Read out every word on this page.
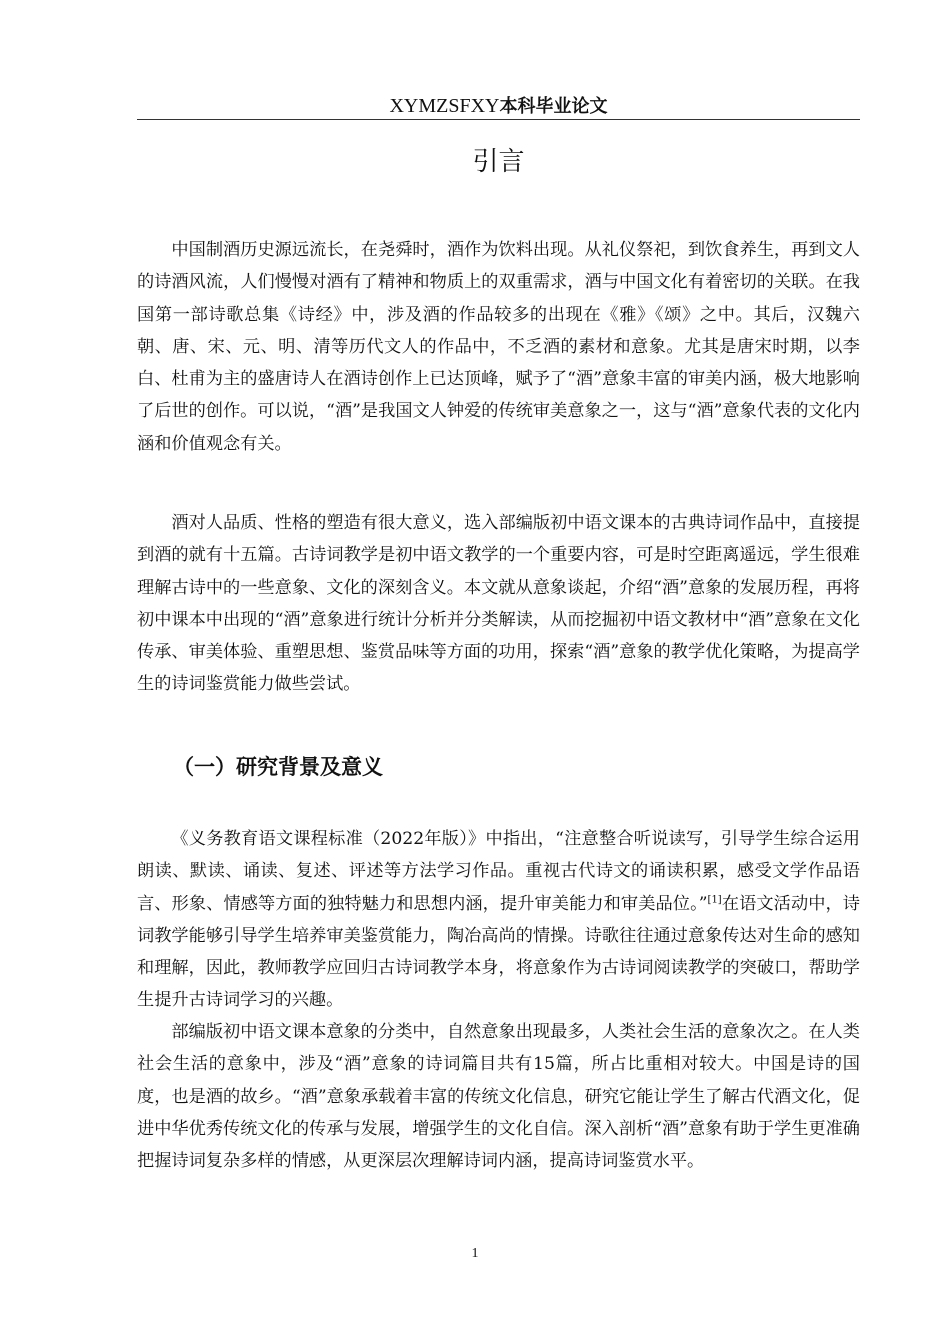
XYMZSFXY本科毕业论文
引言

中国制酒历史源远流长，在尧舜时，酒作为饮料出现。从礼仪祭祀，到饮食养生，再到文人的诗酒风流，人们慢慢对酒有了精神和物质上的双重需求，酒与中国文化有着密切的关联。在我国第一部诗歌总集《诗经》中，涉及酒的作品较多的出现在《雅》《颂》之中。其后，汉魏六朝、唐、宋、元、明、清等历代文人的作品中，不乏酒的素材和意象。尤其是唐宋时期，以李白、杜甫为主的盛唐诗人在酒诗创作上已达顶峰，赋予了“酒”意象丰富的审美内涵，极大地影响了后世的创作。可以说，“酒”是我国文人钟爱的传统审美意象之一，这与“酒”意象代表的文化内涵和价值观念有关。

酒对人品质、性格的塑造有很大意义，选入部编版初中语文课本的古典诗词作品中，直接提到酒的就有十五篇。古诗词教学是初中语文教学的一个重要内容，可是时空距离遥远，学生很难理解古诗中的一些意象、文化的深刻含义。本文就从意象谈起，介绍“酒”意象的发展历程，再将初中课本中出现的“酒”意象进行统计分析并分类解读，从而挖掘初中语文教材中“酒”意象在文化传承、审美体验、重塑思想、鉴赏品味等方面的功用，探索“酒”意象的教学优化策略，为提高学生的诗词鉴赏能力做些尝试。

（一）研究背景及意义

《义务教育语文课程标准（2022年版）》中指出，“注意整合听说读写，引导学生综合运用朗读、默读、诵读、复述、评述等方法学习作品。重视古代诗文的诵读积累，感受文学作品语言、形象、情感等方面的独特魅力和思想内涵，提升审美能力和审美品位。”[1]在语文活动中，诗词教学能够引导学生培养审美鉴赏能力，陶冶高尚的情操。诗歌往往通过意象传达对生命的感知和理解，因此，教师教学应回归古诗词教学本身，将意象作为古诗词阅读教学的突破口，帮助学生提升古诗词学习的兴趣。

部编版初中语文课本意象的分类中，自然意象出现最多，人类社会生活的意象次之。在人类社会生活的意象中，涉及“酒”意象的诗词篇目共有15篇，所占比重相对较大。中国是诗的国度，也是酒的故乡。“酒”意象承载着丰富的传统文化信息，研究它能让学生了解古代酒文化，促进中华优秀传统文化的传承与发展，增强学生的文化自信。深入剖析“酒”意象有助于学生更准确把握诗词复杂多样的情感，从更深层次理解诗词内涵，提高诗词鉴赏水平。

1
